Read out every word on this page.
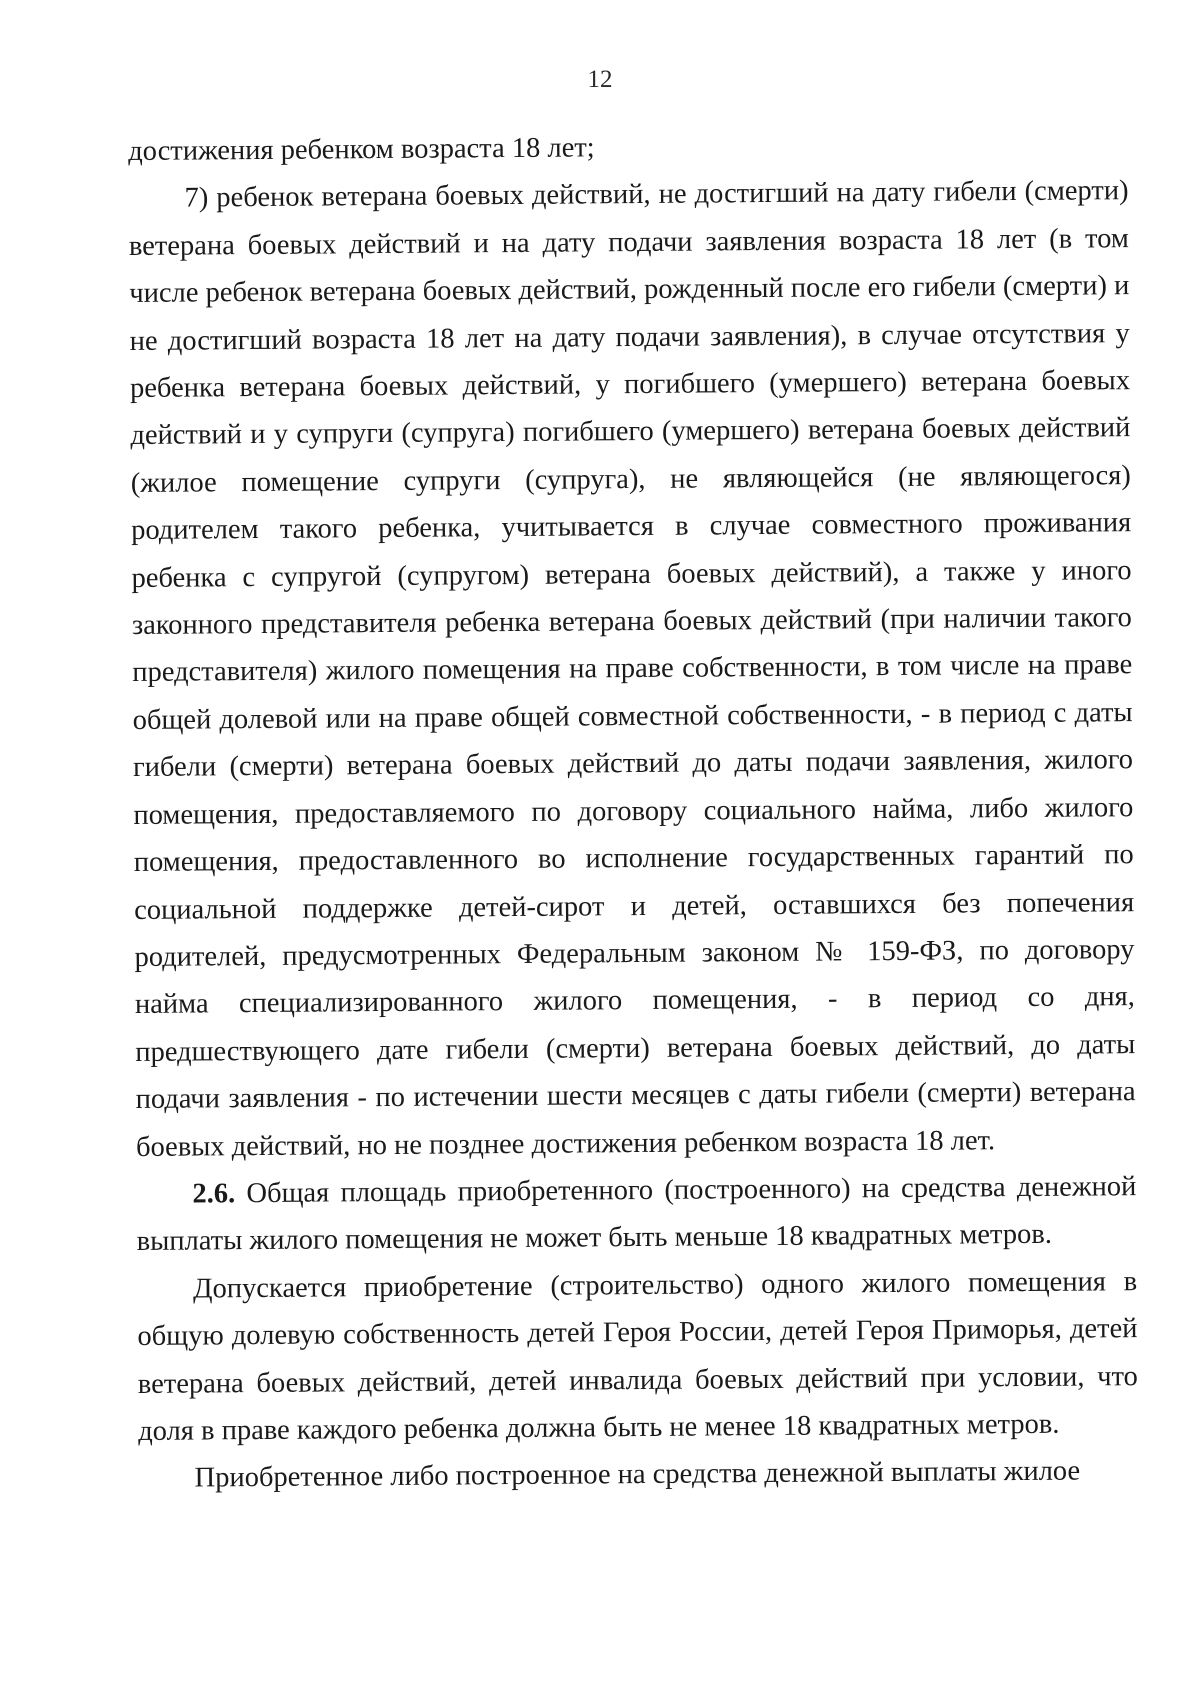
12

достижения ребенком возраста 18 лет;

7) ребенок ветерана боевых действий, не достигший на дату гибели (смерти) ветерана боевых действий и на дату подачи заявления возраста 18 лет (в том числе ребенок ветерана боевых действий, рожденный после его гибели (смерти) и не достигший возраста 18 лет на дату подачи заявления), в случае отсутствия у ребенка ветерана боевых действий, у погибшего (умершего) ветерана боевых действий и у супруги (супруга) погибшего (умершего) ветерана боевых действий (жилое помещение супруги (супруга), не являющейся (не являющегося) родителем такого ребенка, учитывается в случае совместного проживания ребенка с супругой (супругом) ветерана боевых действий), а также у иного законного представителя ребенка ветерана боевых действий (при наличии такого представителя) жилого помещения на праве собственности, в том числе на праве общей долевой или на праве общей совместной собственности, - в период с даты гибели (смерти) ветерана боевых действий до даты подачи заявления, жилого помещения, предоставляемого по договору социального найма, либо жилого помещения, предоставленного во исполнение государственных гарантий по социальной поддержке детей-сирот и детей, оставшихся без попечения родителей, предусмотренных Федеральным законом № 159-ФЗ, по договору найма специализированного жилого помещения, - в период со дня, предшествующего дате гибели (смерти) ветерана боевых действий, до даты подачи заявления - по истечении шести месяцев с даты гибели (смерти) ветерана боевых действий, но не позднее достижения ребенком возраста 18 лет.

2.6. Общая площадь приобретенного (построенного) на средства денежной выплаты жилого помещения не может быть меньше 18 квадратных метров.

Допускается приобретение (строительство) одного жилого помещения в общую долевую собственность детей Героя России, детей Героя Приморья, детей ветерана боевых действий, детей инвалида боевых действий при условии, что доля в праве каждого ребенка должна быть не менее 18 квадратных метров.

Приобретенное либо построенное на средства денежной выплаты жилое
